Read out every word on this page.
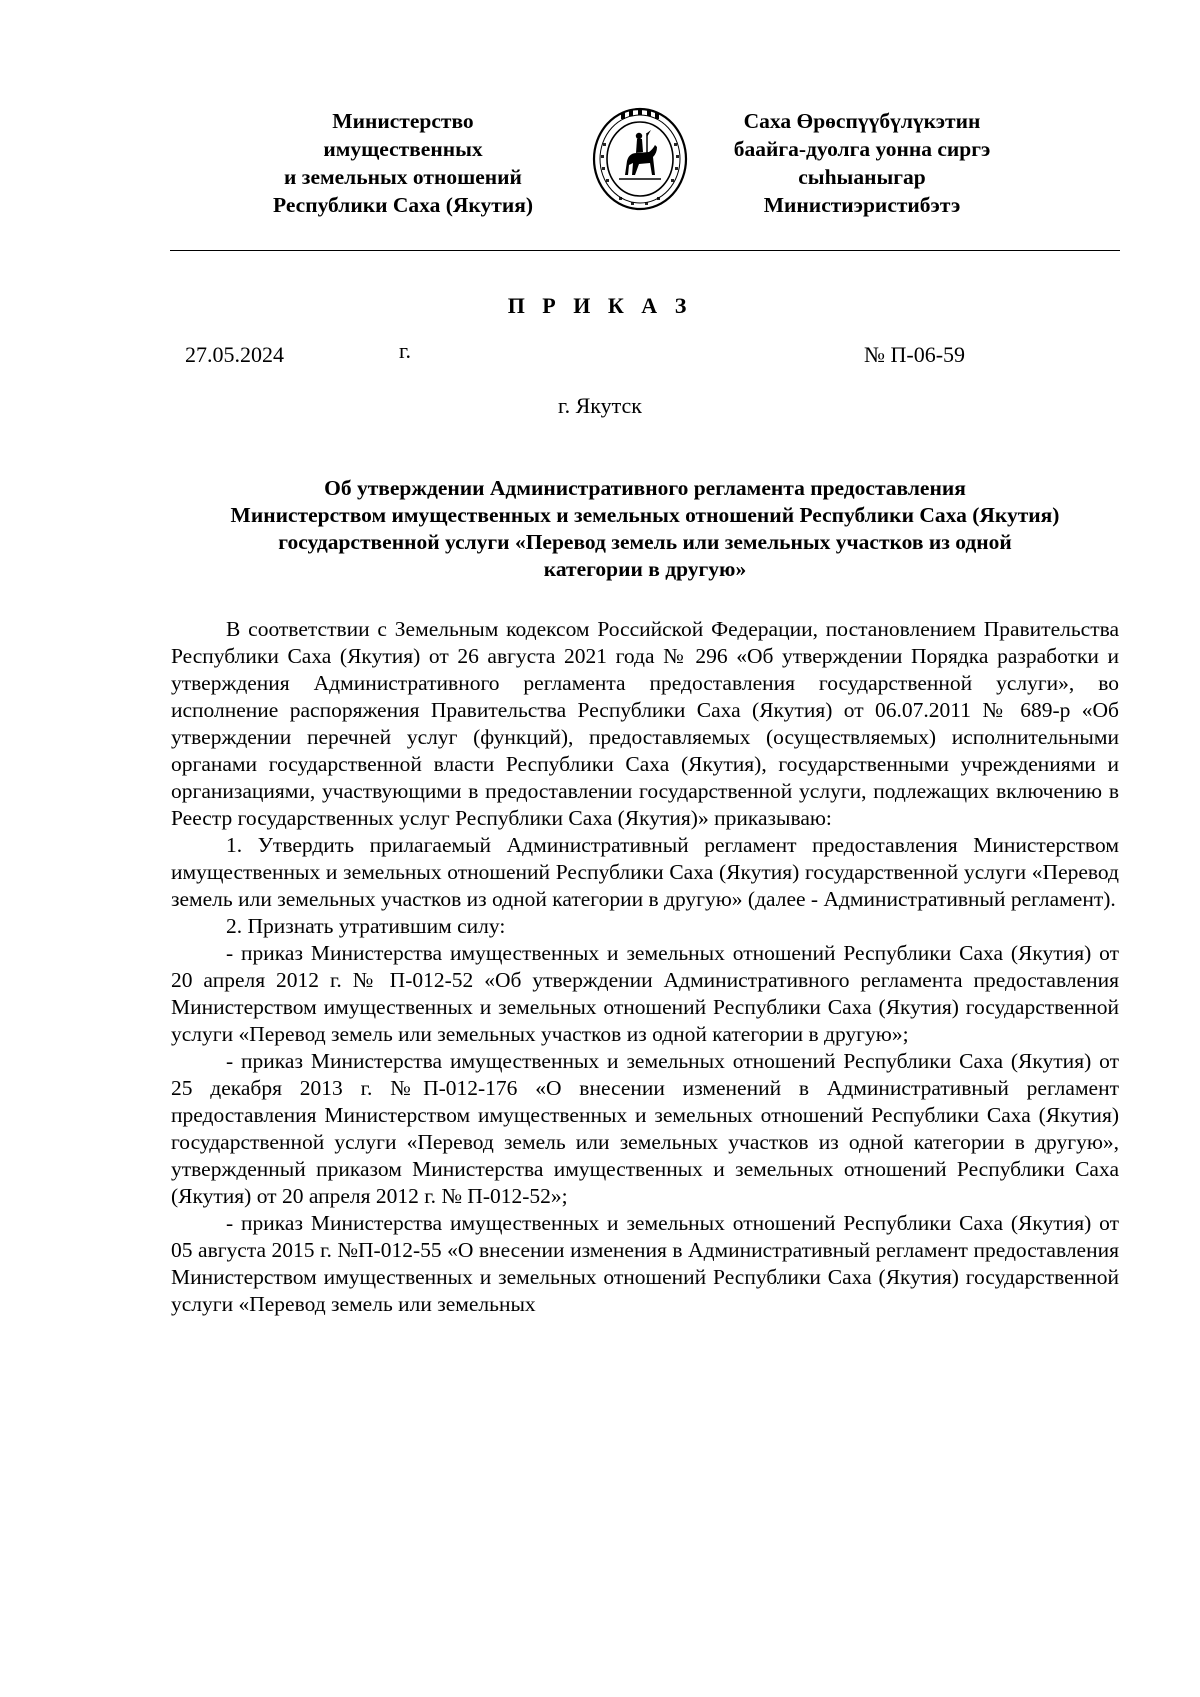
Министерство
имущественных
и земельных отношений
Республики Саха (Якутия)
Саха Өрөспүүбүлүкэтин
баайга-дуолга уонна сиргэ
сыһыаныгар
Министиэристибэтэ
П Р И К А З
27.05.2024	г.	№ П-06-59
г. Якутск
Об утверждении Административного регламента предоставления
Министерством имущественных и земельных отношений Республики Саха (Якутия)
государственной услуги «Перевод земель или земельных участков из одной
категории в другую»

В соответствии с Земельным кодексом Российской Федерации, постановлением Правительства Республики Саха (Якутия) от 26 августа 2021 года № 296 «Об утверждении Порядка разработки и утверждения Административного регламента предоставления государственной услуги», во исполнение распоряжения Правительства Республики Саха (Якутия) от 06.07.2011 № 689-р «Об утверждении перечней услуг (функций), предоставляемых (осуществляемых) исполнительными органами государственной власти Республики Саха (Якутия), государственными учреждениями и организациями, участвующими в предоставлении государственной услуги, подлежащих включению в Реестр государственных услуг Республики Саха (Якутия)» приказываю:

1. Утвердить прилагаемый Административный регламент предоставления Министерством имущественных и земельных отношений Республики Саха (Якутия) государственной услуги «Перевод земель или земельных участков из одной категории в другую» (далее - Административный регламент).

2. Признать утратившим силу:

- приказ Министерства имущественных и земельных отношений Республики Саха (Якутия) от 20 апреля 2012 г. № П-012-52 «Об утверждении Административного регламента предоставления Министерством имущественных и земельных отношений Республики Саха (Якутия) государственной услуги «Перевод земель или земельных участков из одной категории в другую»;

- приказ Министерства имущественных и земельных отношений Республики Саха (Якутия) от 25 декабря 2013 г. №П-012-176 «О внесении изменений в Административный регламент предоставления Министерством имущественных и земельных отношений Республики Саха (Якутия) государственной услуги «Перевод земель или земельных участков из одной категории в другую», утвержденный приказом Министерства имущественных и земельных отношений Республики Саха (Якутия) от 20 апреля 2012 г. № П-012-52»;

- приказ Министерства имущественных и земельных отношений Республики Саха (Якутия) от 05 августа 2015 г. №П-012-55 «О внесении изменения в Административный регламент предоставления Министерством имущественных и земельных отношений Республики Саха (Якутия) государственной услуги «Перевод земель или земельных
